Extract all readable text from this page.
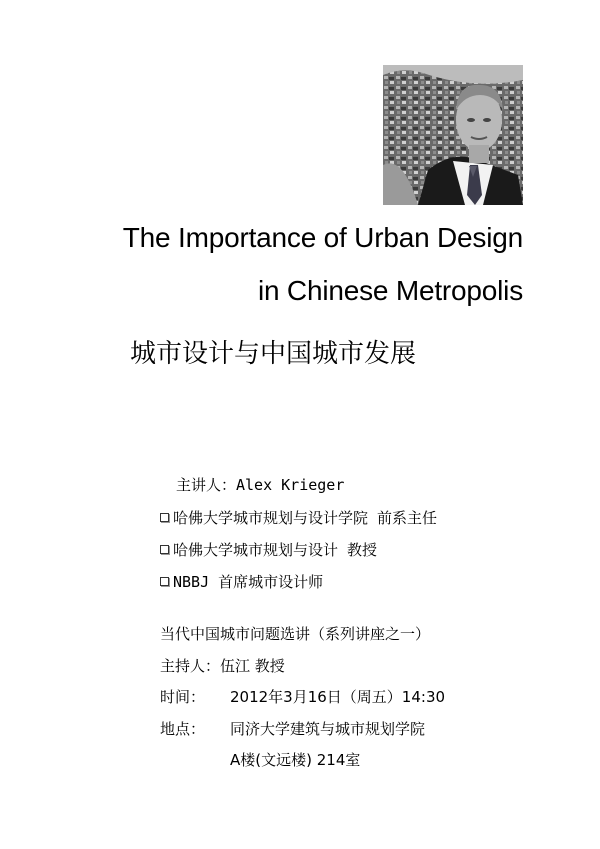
The Importance of Urban Design
in Chinese Metropolis
城市设计与中国城市发展
主讲人：Alex Krieger
哈佛大学城市规划与设计学院 前系主任
哈佛大学城市规划与设计 教授
NBBJ 首席城市设计师
当代中国城市问题选讲（系列讲座之一）
主持人：伍江 教授
时间： 2012年3月16日（周五）14:30
地点： 同济大学建筑与城市规划学院
A楼(文远楼) 214室
